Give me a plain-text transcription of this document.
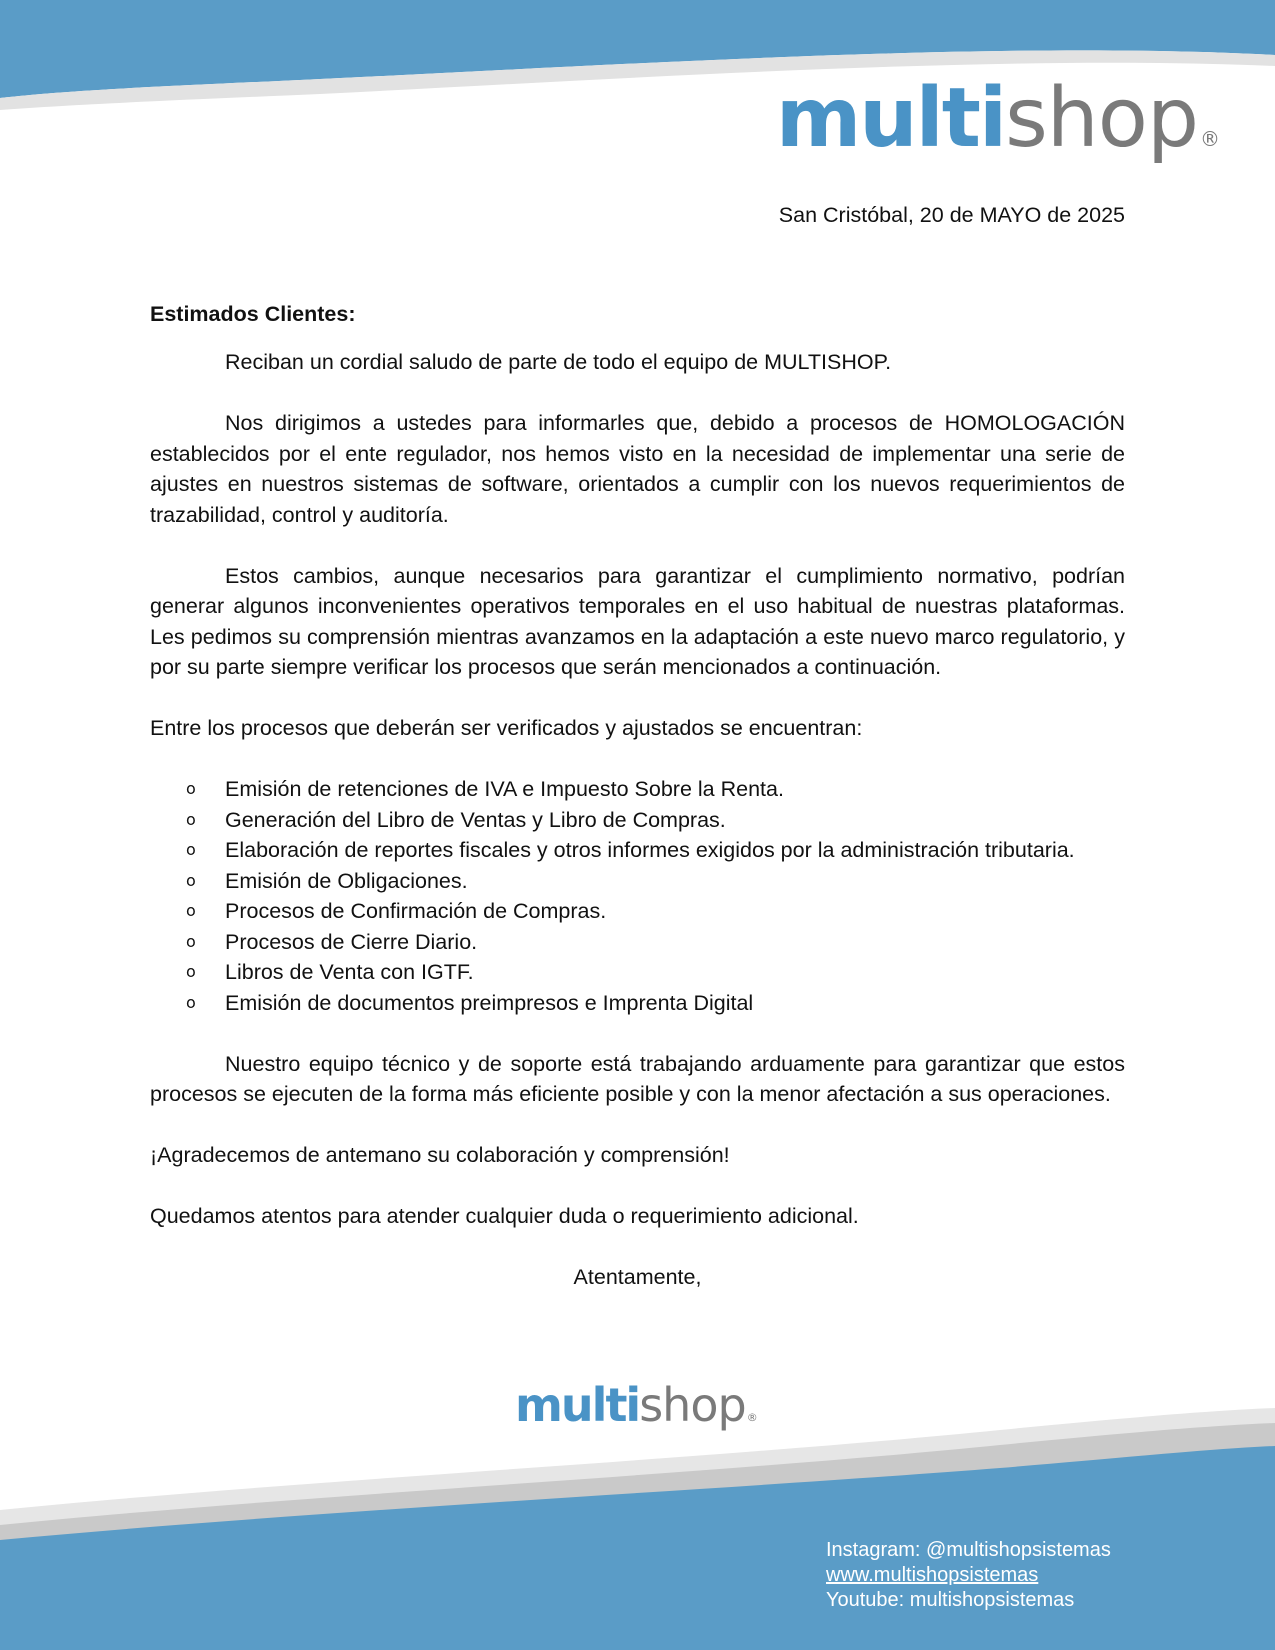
multishop ®

San Cristóbal, 20 de MAYO de 2025

Estimados Clientes:

Reciban un cordial saludo de parte de todo el equipo de MULTISHOP.

Nos dirigimos a ustedes para informarles que, debido a procesos de HOMOLOGACIÓN establecidos por el ente regulador, nos hemos visto en la necesidad de implementar una serie de ajustes en nuestros sistemas de software, orientados a cumplir con los nuevos requerimientos de trazabilidad, control y auditoría.

Estos cambios, aunque necesarios para garantizar el cumplimiento normativo, podrían generar algunos inconvenientes operativos temporales en el uso habitual de nuestras plataformas. Les pedimos su comprensión mientras avanzamos en la adaptación a este nuevo marco regulatorio, y por su parte siempre verificar los procesos que serán mencionados a continuación.

Entre los procesos que deberán ser verificados y ajustados se encuentran:

o Emisión de retenciones de IVA e Impuesto Sobre la Renta.
o Generación del Libro de Ventas y Libro de Compras.
o Elaboración de reportes fiscales y otros informes exigidos por la administración tributaria.
o Emisión de Obligaciones.
o Procesos de Confirmación de Compras.
o Procesos de Cierre Diario.
o Libros de Venta con IGTF.
o Emisión de documentos preimpresos e Imprenta Digital

Nuestro equipo técnico y de soporte está trabajando arduamente para garantizar que estos procesos se ejecuten de la forma más eficiente posible y con la menor afectación a sus operaciones.

¡Agradecemos de antemano su colaboración y comprensión!

Quedamos atentos para atender cualquier duda o requerimiento adicional.

Atentamente,

multishop®
Instagram: @multishopsistemas
www.multishopsistemas
Youtube: multishopsistemas
